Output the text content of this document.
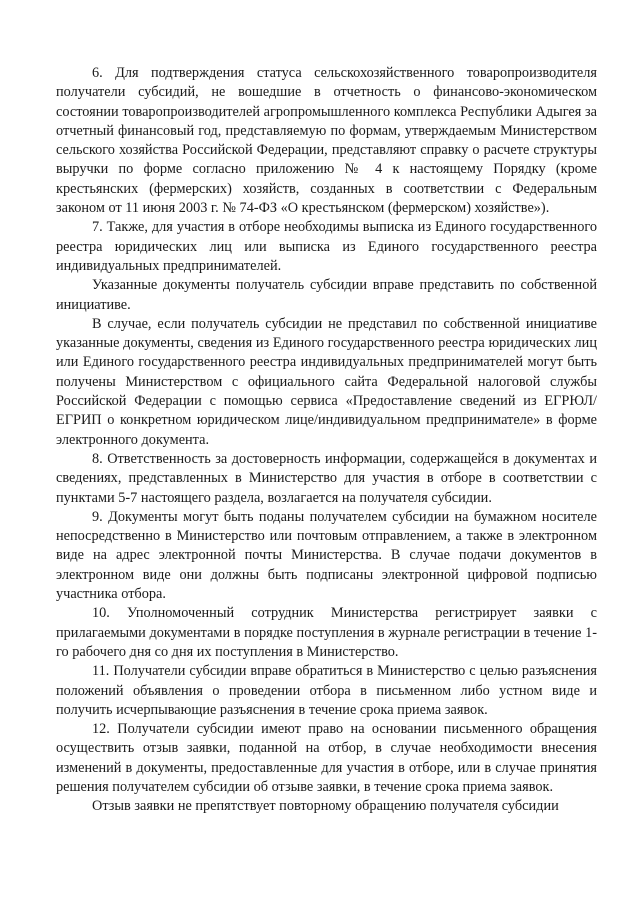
6. Для подтверждения статуса сельскохозяйственного товаропроизводителя получатели субсидий, не вошедшие в отчетность о финансово-экономическом состоянии товаропроизводителей агропромышленного комплекса Республики Адыгея за отчетный финансовый год, представляемую по формам, утверждаемым Министерством сельского хозяйства Российской Федерации, представляют справку о расчете структуры выручки по форме согласно приложению № 4 к настоящему Порядку (кроме крестьянских (фермерских) хозяйств, созданных в соответствии с Федеральным законом от 11 июня 2003 г. № 74-ФЗ «О крестьянском (фермерском) хозяйстве»).

7. Также, для участия в отборе необходимы выписка из Единого государственного реестра юридических лиц или выписка из Единого государственного реестра индивидуальных предпринимателей.

Указанные документы получатель субсидии вправе представить по собственной инициативе.

В случае, если получатель субсидии не представил по собственной инициативе указанные документы, сведения из Единого государственного реестра юридических лиц или Единого государственного реестра индивидуальных предпринимателей могут быть получены Министерством с официального сайта Федеральной налоговой службы Российской Федерации с помощью сервиса «Предоставление сведений из ЕГРЮЛ/ЕГРИП о конкретном юридическом лице/индивидуальном предпринимателе» в форме электронного документа.

8. Ответственность за достоверность информации, содержащейся в документах и сведениях, представленных в Министерство для участия в отборе в соответствии с пунктами 5-7 настоящего раздела, возлагается на получателя субсидии.

9. Документы могут быть поданы получателем субсидии на бумажном носителе непосредственно в Министерство или почтовым отправлением, а также в электронном виде на адрес электронной почты Министерства. В случае подачи документов в электронном виде они должны быть подписаны электронной цифровой подписью участника отбора.

10. Уполномоченный сотрудник Министерства регистрирует заявки с прилагаемыми документами в порядке поступления в журнале регистрации в течение 1-го рабочего дня со дня их поступления в Министерство.

11. Получатели субсидии вправе обратиться в Министерство с целью разъяснения положений объявления о проведении отбора в письменном либо устном виде и получить исчерпывающие разъяснения в течение срока приема заявок.

12. Получатели субсидии имеют право на основании письменного обращения осуществить отзыв заявки, поданной на отбор, в случае необходимости внесения изменений в документы, предоставленные для участия в отборе, или в случае принятия решения получателем субсидии об отзыве заявки, в течение срока приема заявок.

Отзыв заявки не препятствует повторному обращению получателя субсидии
